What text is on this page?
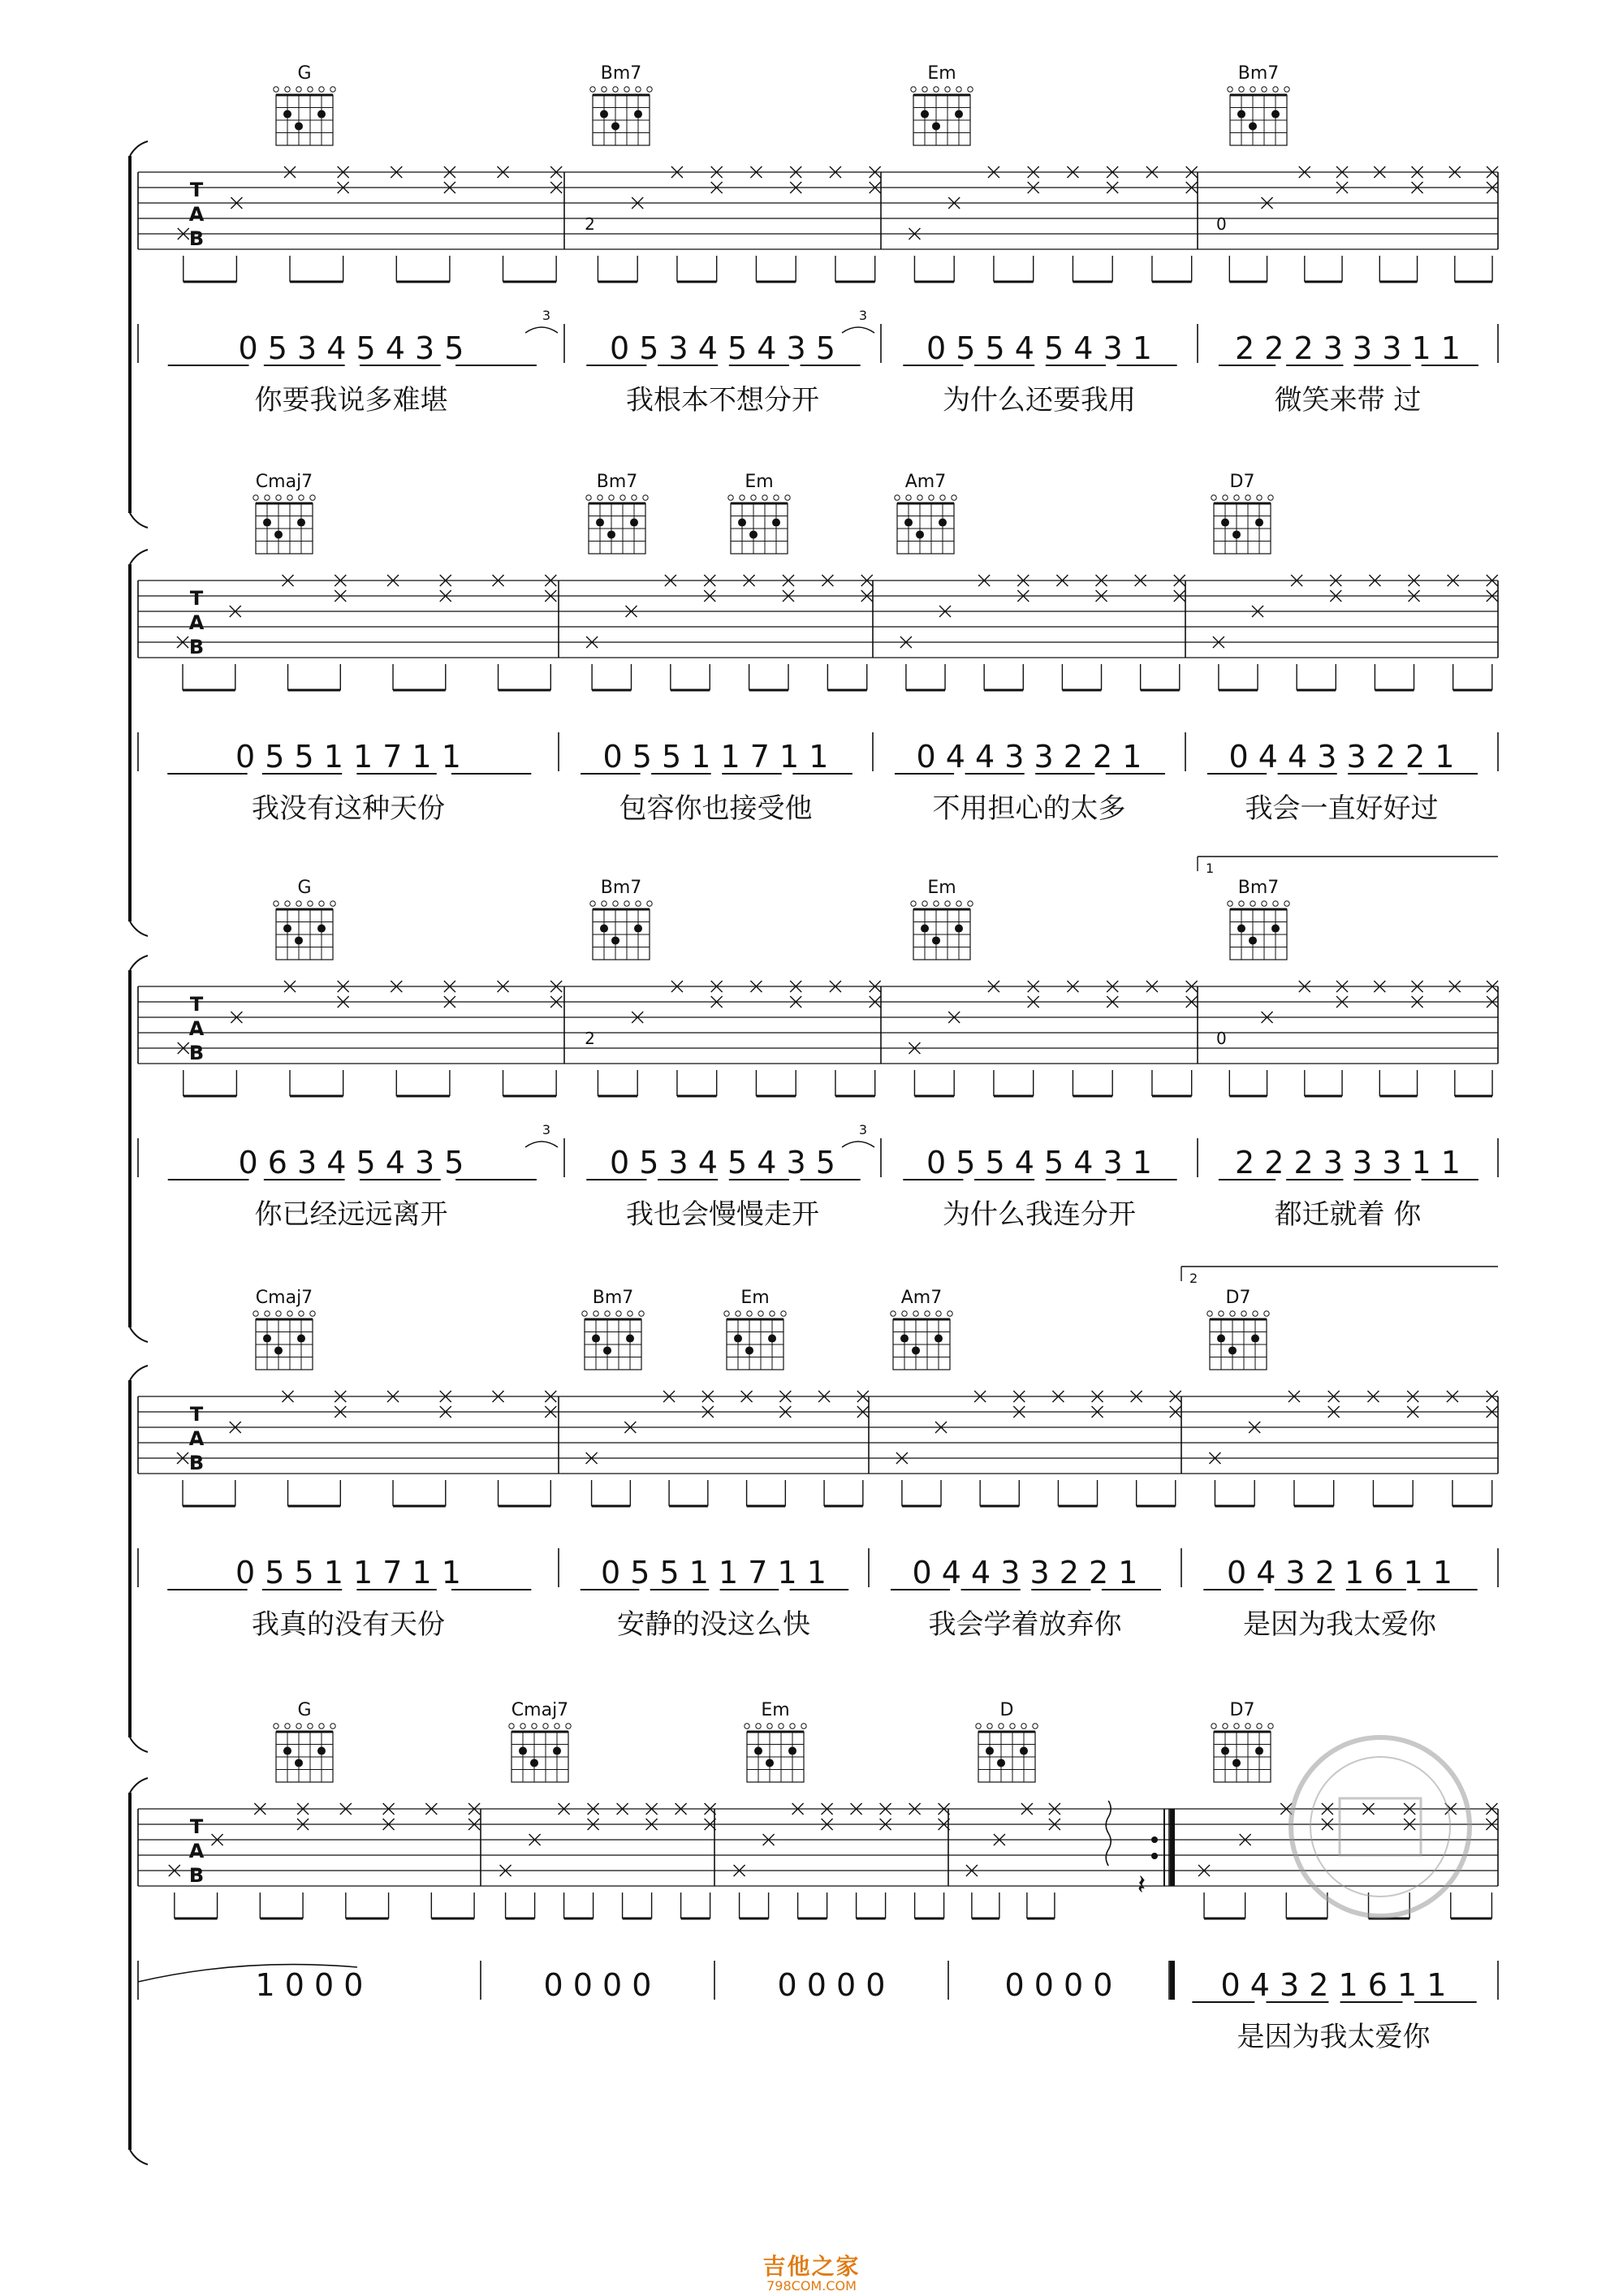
T
A
B
G
0 5 3 4 5 4 3 5
3
你要我说多难堪
Bm7
2
0 5 3 4 5 4 3 5
3
我根本不想分开
Em
0 5 5 4 5 4 3 1
为什么还要我用
Bm7
0
2 2 2 3 3 3 1 1
微笑来带 过
T
A
B
Cmaj7
0 5 5 1 1 7 1 1
我没有这种天份
Bm7	Em
0 5 5 1 1 7 1 1
包容你也接受他
Am7
0 4 4 3 3 2 2 1
不用担心的太多
D7
0 4 4 3 3 2 2 1
我会一直好好过
T
A
B
G
0 6 3 4 5 4 3 5
3
你已经远远离开
Bm7
2
0 5 3 4 5 4 3 5
3
我也会慢慢走开
Em
0 5 5 4 5 4 3 1
为什么我连分开
Bm7
0
2 2 2 3 3 3 1 1
都迁就着 你
1
T
A
B
Cmaj7
0 5 5 1 1 7 1 1
我真的没有天份
Bm7	Em
0 5 5 1 1 7 1 1
安静的没这么快
Am7
0 4 4 3 3 2 2 1
我会学着放弃你
D7
0 4 3 2 1 6 1 1
是因为我太爱你
2
T
A
B
G
1 0 0 0
Cmaj7
0 0 0 0
Em
0 0 0 0
D
𝄽
0 0 0 0
D7
0 4 3 2 1 6 1 1
是因为我太爱你
吉他之家
798COM.COM
